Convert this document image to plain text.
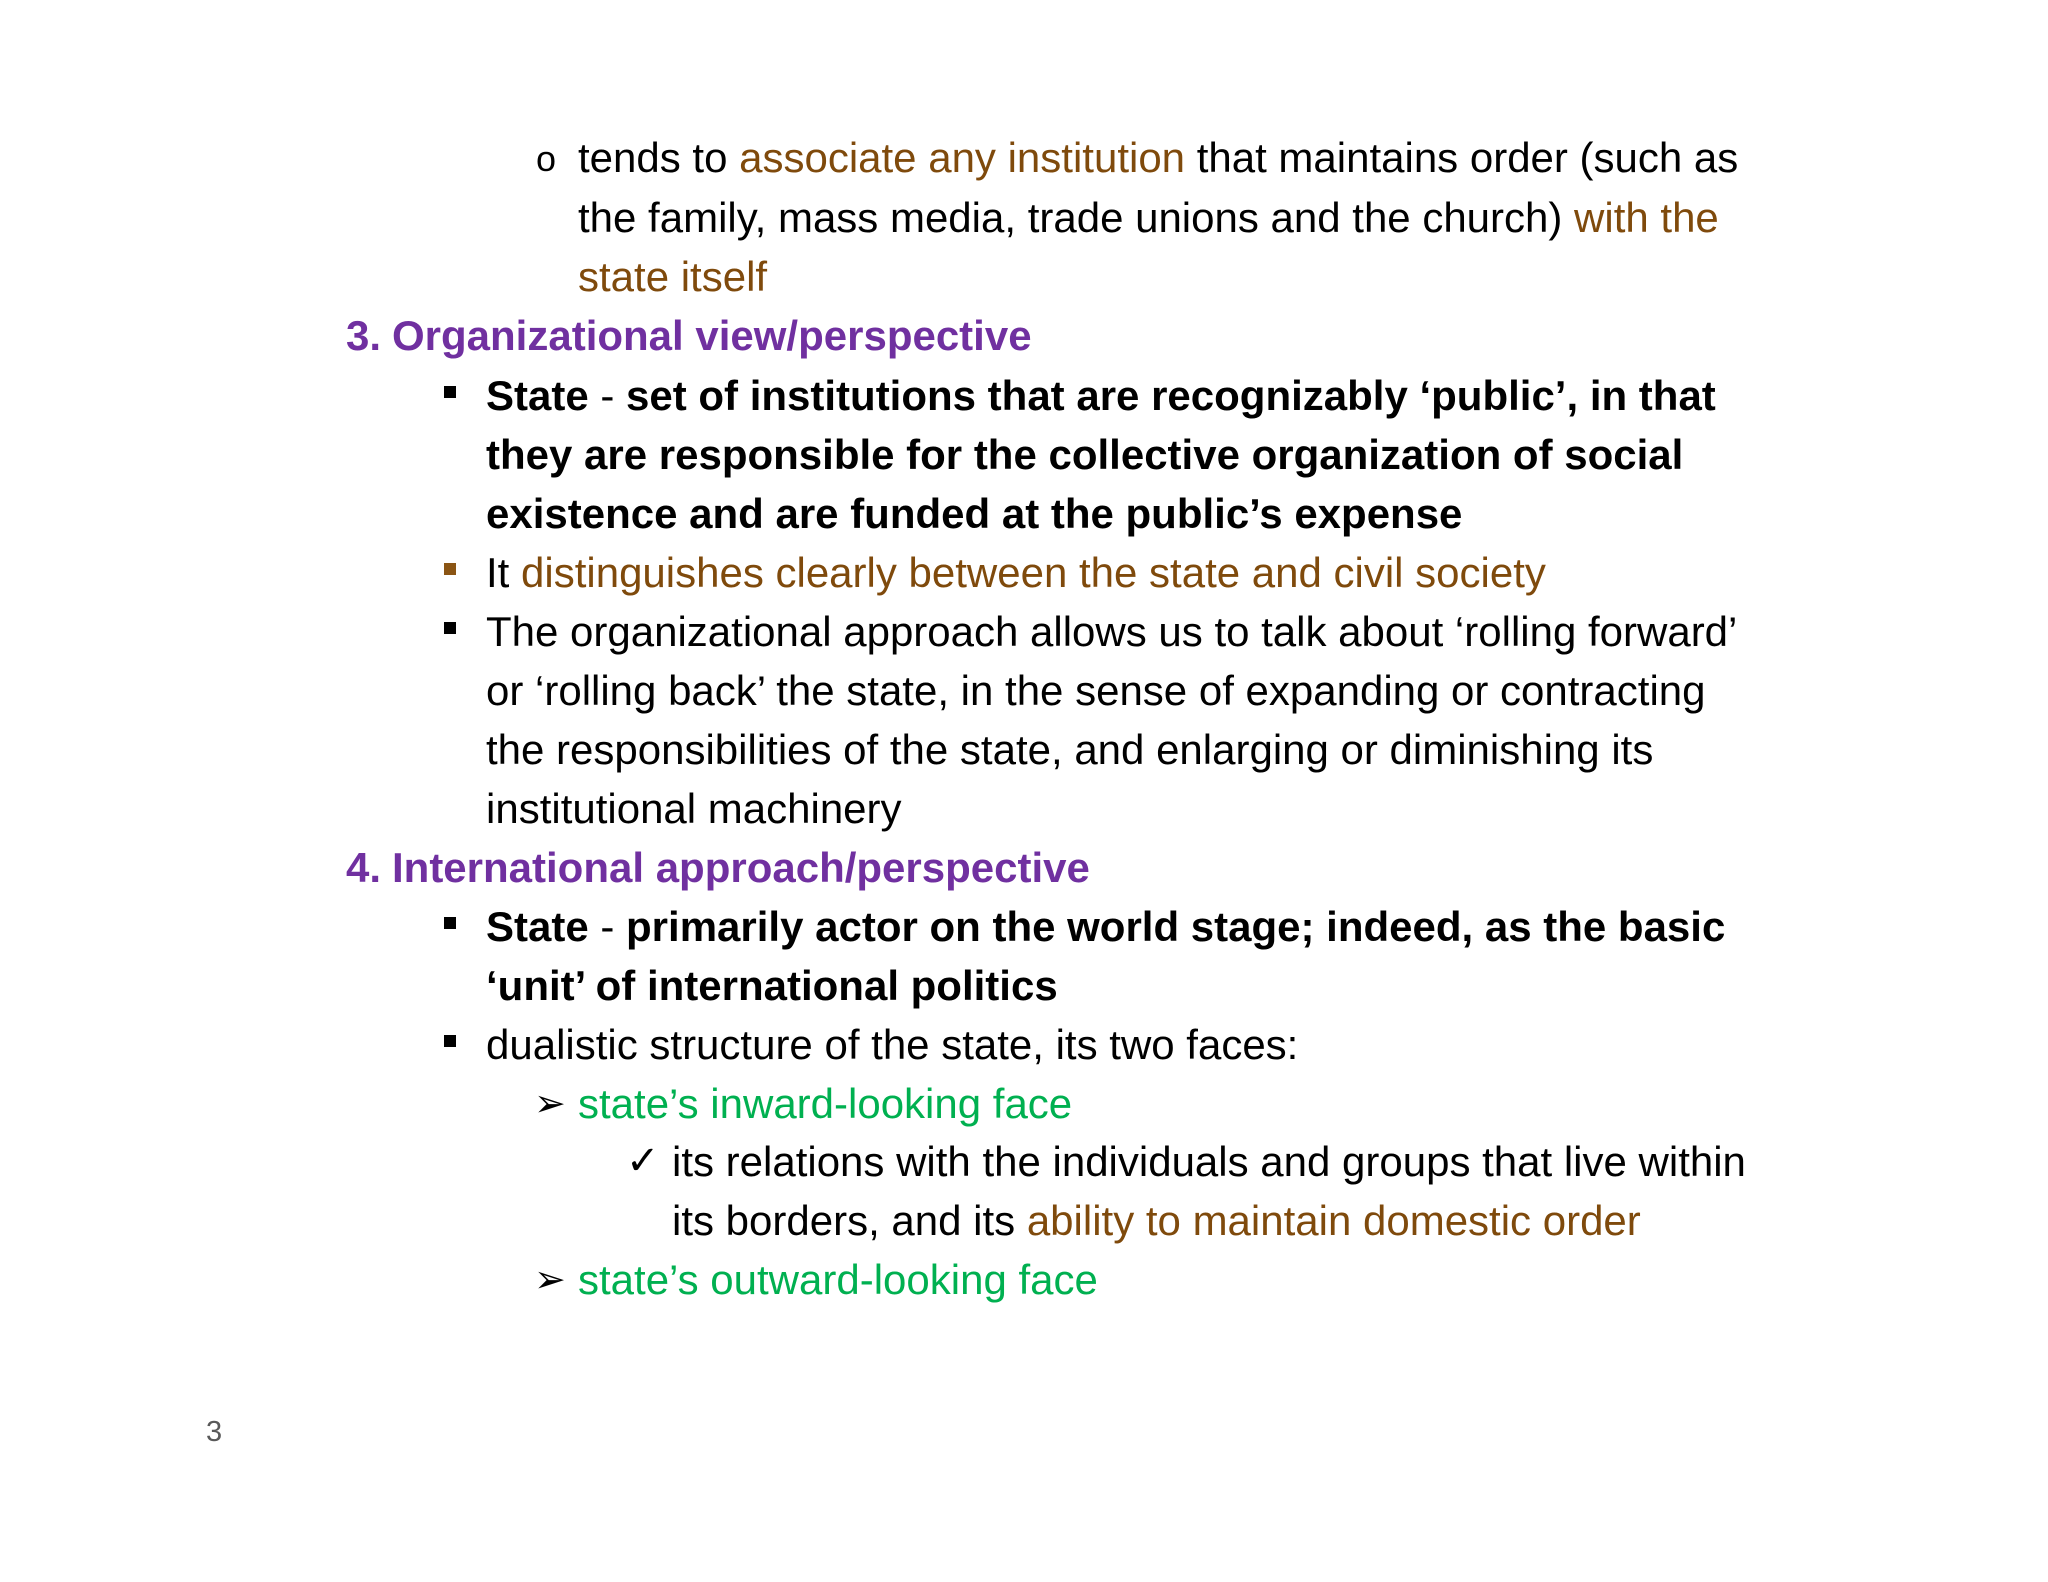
o tends to associate any institution that maintains order (such as
the family, mass media, trade unions and the church) with the
state itself
3. Organizational view/perspective
State - set of institutions that are recognizably ‘public’, in that
they are responsible for the collective organization of social
existence and are funded at the public’s expense
It distinguishes clearly between the state and civil society
The organizational approach allows us to talk about ‘rolling forward’
or ‘rolling back’ the state, in the sense of expanding or contracting
the responsibilities of the state, and enlarging or diminishing its
institutional machinery
4. International approach/perspective
State - primarily actor on the world stage; indeed, as the basic
‘unit’ of international politics
dualistic structure of the state, its two faces:
➢ state’s inward-looking face
✓ its relations with the individuals and groups that live within
its borders, and its ability to maintain domestic order
➢ state’s outward-looking face
3
